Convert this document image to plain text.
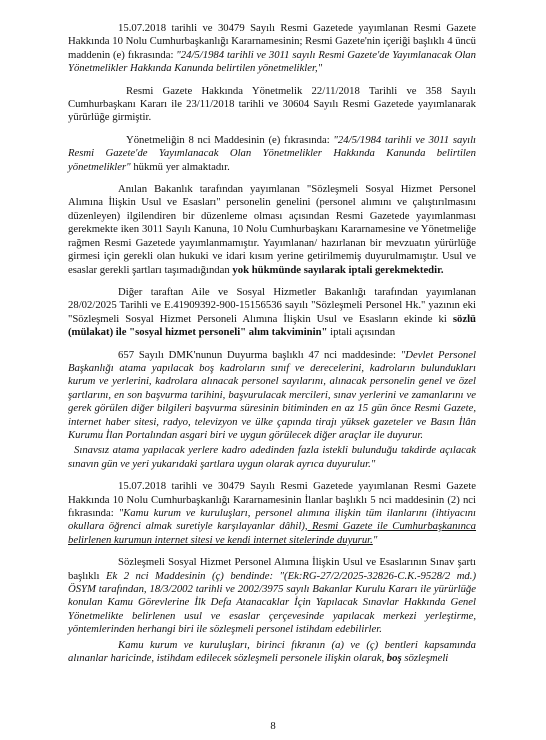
15.07.2018 tarihli ve 30479 Sayılı Resmi Gazetede yayımlanan Resmi Gazete Hakkında 10 Nolu Cumhurbaşkanlığı Kararnamesinin; Resmi Gazete'nin içeriği başlıklı 4 üncü maddenin (e) fıkrasında: "24/5/1984 tarihli ve 3011 sayılı Resmi Gazete'de Yayımlanacak Olan Yönetmelikler Hakkında Kanunda belirtilen yönetmelikler,"

Resmi Gazete Hakkında Yönetmelik 22/11/2018 Tarihli ve 358 Sayılı Cumhurbaşkanı Kararı ile 23/11/2018 tarihli ve 30604 Sayılı Resmi Gazetede yayımlanarak yürürlüğe girmiştir.

Yönetmeliğin 8 nci Maddesinin (e) fıkrasında: "24/5/1984 tarihli ve 3011 sayılı Resmi Gazete'de Yayımlanacak Olan Yönetmelikler Hakkında Kanunda belirtilen yönetmelikler" hükmü yer almaktadır.

Anılan Bakanlık tarafından yayımlanan "Sözleşmeli Sosyal Hizmet Personel Alımına İlişkin Usul ve Esasları" personelin genelini (personel alımını ve çalıştırılmasını düzenleyen) ilgilendiren bir düzenleme olması açısından Resmi Gazetede yayımlanması gerekmekte iken 3011 Sayılı Kanuna, 10 Nolu Cumhurbaşkanı Kararnamesine ve Yönetmeliğe rağmen Resmi Gazetede yayımlanmamıştır. Yayımlanan/ hazırlanan bir mevzuatın yürürlüğe girmesi için gerekli olan hukuki ve idari kısım yerine getirilmemiş duyurulmamıştır. Usul ve esaslar gerekli şartları taşımadığından yok hükmünde sayılarak iptali gerekmektedir.

Diğer taraftan Aile ve Sosyal Hizmetler Bakanlığı tarafından yayımlanan 28/02/2025 Tarihli ve E.41909392-900-15156536 sayılı "Sözleşmeli Personel Hk." yazının eki "Sözleşmeli Sosyal Hizmet Personeli Alımına İlişkin Usul ve Esasların ekinde ki sözlü (mülakat) ile "sosyal hizmet personeli" alım takviminin" iptali açısından

657 Sayılı DMK'nunun Duyurma başlıklı 47 nci maddesinde: "Devlet Personel Başkanlığı atama yapılacak boş kadroların sınıf ve derecelerini, kadroların bulundukları kurum ve yerlerini, kadrolara alınacak personel sayılarını, alınacak personelin genel ve özel şartlarını, en son başvurma tarihini, başvurulacak mercileri, sınav yerlerini ve zamanlarını ve gerek görülen diğer bilgileri başvurma süresinin bitiminden en az 15 gün önce Resmi Gazete, internet haber sitesi, radyo, televizyon ve ülke çapında tirajı yüksek gazeteler ve Basın İlân Kurumu İlan Portalından asgari biri ve uygun görülecek diğer araçlar ile duyurur.

Sınavsız atama yapılacak yerlere kadro adedinden fazla istekli bulunduğu takdirde açılacak sınavın gün ve yeri yukarıdaki şartlara uygun olarak ayrıca duyurulur."

15.07.2018 tarihli ve 30479 Sayılı Resmi Gazetede yayımlanan Resmi Gazete Hakkında 10 Nolu Cumhurbaşkanlığı Kararnamesinin İlanlar başlıklı 5 nci maddesinin (2) nci fıkrasında: "Kamu kurum ve kuruluşları, personel alımına ilişkin tüm ilanlarını (ihtiyacını okullara öğrenci almak suretiyle karşılayanlar dâhil), Resmi Gazete ile Cumhurbaşkanınca belirlenen kurumun internet sitesi ve kendi internet sitelerinde duyurur."

Sözleşmeli Sosyal Hizmet Personel Alımına İlişkin Usul ve Esaslarının Sınav şartı başlıklı Ek 2 nci Maddesinin (ç) bendinde: "(Ek:RG-27/2/2025-32826-C.K.-9528/2 md.) ÖSYM tarafından, 18/3/2002 tarihli ve 2002/3975 sayılı Bakanlar Kurulu Kararı ile yürürlüğe konulan Kamu Görevlerine İlk Defa Atanacaklar İçin Yapılacak Sınavlar Hakkında Genel Yönetmelikte belirlenen usul ve esaslar çerçevesinde yapılacak merkezi yerleştirme, yöntemlerinden herhangi biri ile sözleşmeli personel istihdam edebilirler.

Kamu kurum ve kuruluşları, birinci fıkranın (a) ve (ç) bentleri kapsamında alınanlar haricinde, istihdam edilecek sözleşmeli personele ilişkin olarak, boş sözleşmeli

8
